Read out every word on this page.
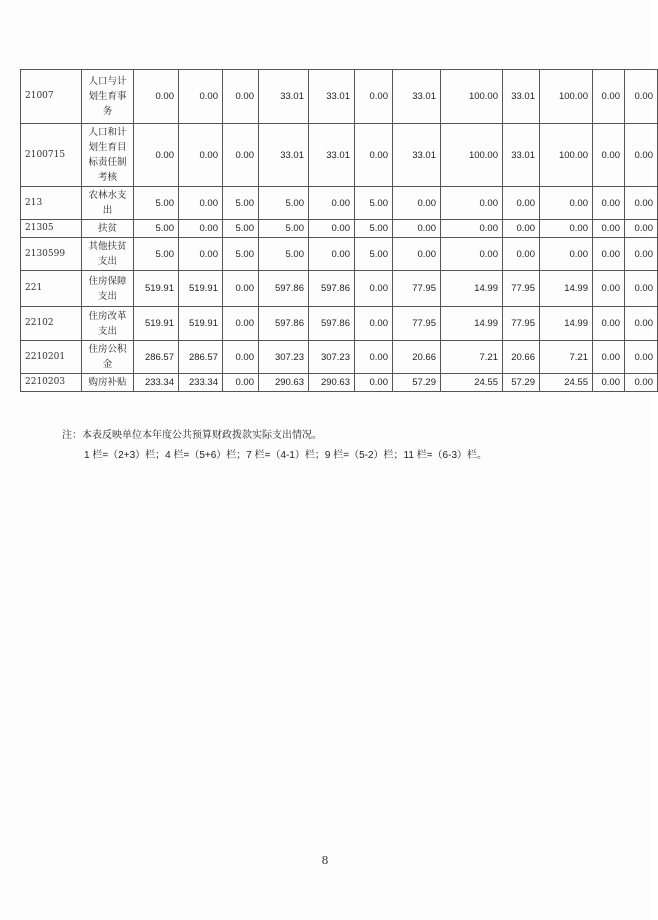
21007	人口与计划生育事务	0.00	0.00	0.00	33.01	33.01	0.00	33.01	100.00	33.01	100.00	0.00	0.00
2100715	人口和计划生育目标责任制考核	0.00	0.00	0.00	33.01	33.01	0.00	33.01	100.00	33.01	100.00	0.00	0.00
213	农林水支出	5.00	0.00	5.00	5.00	0.00	5.00	0.00	0.00	0.00	0.00	0.00	0.00
21305	扶贫	5.00	0.00	5.00	5.00	0.00	5.00	0.00	0.00	0.00	0.00	0.00	0.00
2130599	其他扶贫支出	5.00	0.00	5.00	5.00	0.00	5.00	0.00	0.00	0.00	0.00	0.00	0.00
221	住房保障支出	519.91	519.91	0.00	597.86	597.86	0.00	77.95	14.99	77.95	14.99	0.00	0.00
22102	住房改革支出	519.91	519.91	0.00	597.86	597.86	0.00	77.95	14.99	77.95	14.99	0.00	0.00
2210201	住房公积金	286.57	286.57	0.00	307.23	307.23	0.00	20.66	7.21	20.66	7.21	0.00	0.00
2210203	购房补贴	233.34	233.34	0.00	290.63	290.63	0.00	57.29	24.55	57.29	24.55	0.00	0.00
注：本表反映单位本年度公共预算财政拨款实际支出情况。
1 栏=（2+3）栏；4 栏=（5+6）栏；7 栏=（4-1）栏；9 栏=（5-2）栏；11 栏=（6-3）栏。
8
